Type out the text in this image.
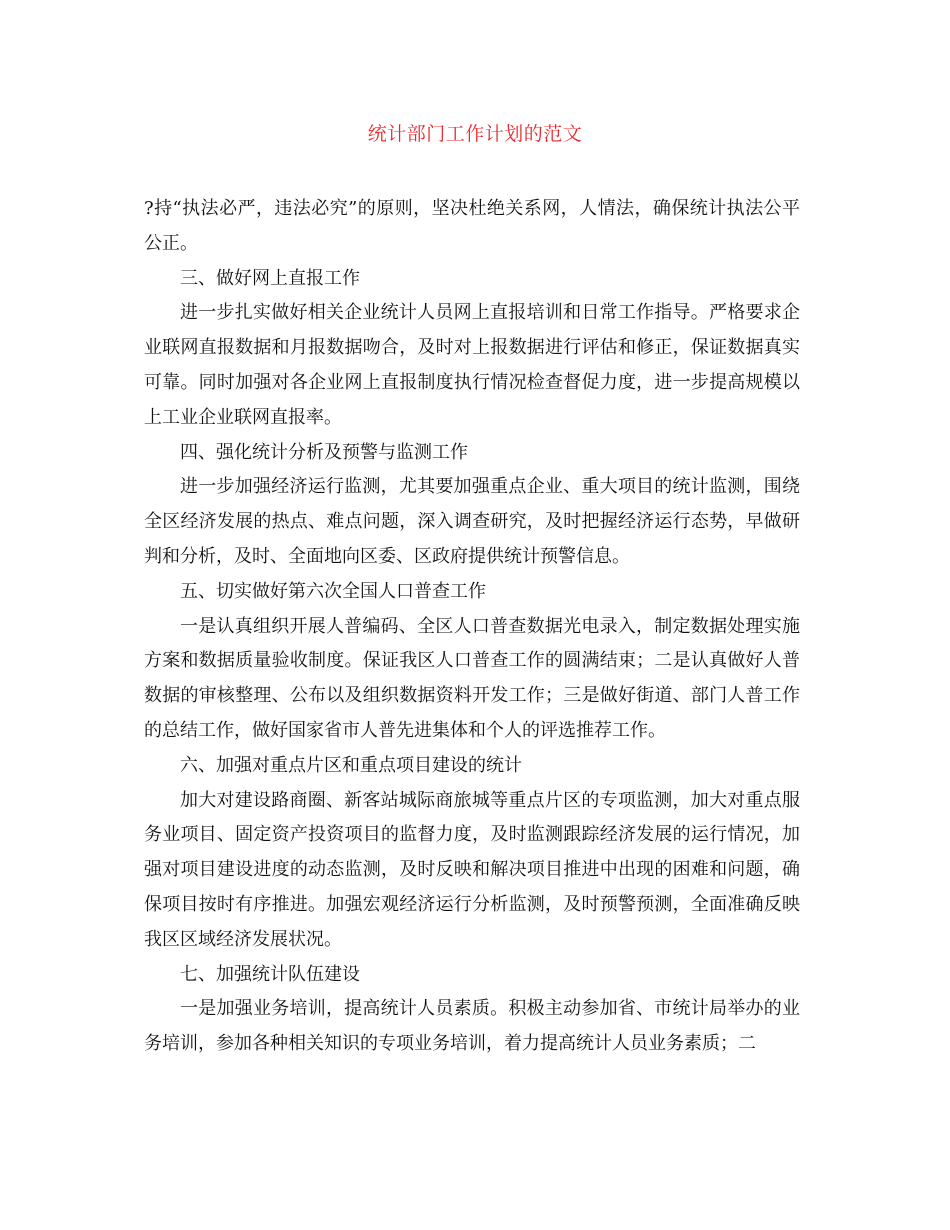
统计部门工作计划的范文

?持“执法必严，违法必究”的原则，坚决杜绝关系网，人情法，确保统计执法公平公正。

三、做好网上直报工作

进一步扎实做好相关企业统计人员网上直报培训和日常工作指导。严格要求企业联网直报数据和月报数据吻合，及时对上报数据进行评估和修正，保证数据真实可靠。同时加强对各企业网上直报制度执行情况检查督促力度，进一步提高规模以上工业企业联网直报率。

四、强化统计分析及预警与监测工作

进一步加强经济运行监测，尤其要加强重点企业、重大项目的统计监测，围绕全区经济发展的热点、难点问题，深入调查研究，及时把握经济运行态势，早做研判和分析，及时、全面地向区委、区政府提供统计预警信息。

五、切实做好第六次全国人口普查工作

一是认真组织开展人普编码、全区人口普查数据光电录入，制定数据处理实施方案和数据质量验收制度。保证我区人口普查工作的圆满结束；二是认真做好人普数据的审核整理、公布以及组织数据资料开发工作；三是做好街道、部门人普工作的总结工作，做好国家省市人普先进集体和个人的评选推荐工作。

六、加强对重点片区和重点项目建设的统计

加大对建设路商圈、新客站城际商旅城等重点片区的专项监测，加大对重点服务业项目、固定资产投资项目的监督力度，及时监测跟踪经济发展的运行情况，加强对项目建设进度的动态监测，及时反映和解决项目推进中出现的困难和问题，确保项目按时有序推进。加强宏观经济运行分析监测，及时预警预测，全面准确反映我区区域经济发展状况。

七、加强统计队伍建设

一是加强业务培训，提高统计人员素质。积极主动参加省、市统计局举办的业务培训，参加各种相关知识的专项业务培训，着力提高统计人员业务素质；二
